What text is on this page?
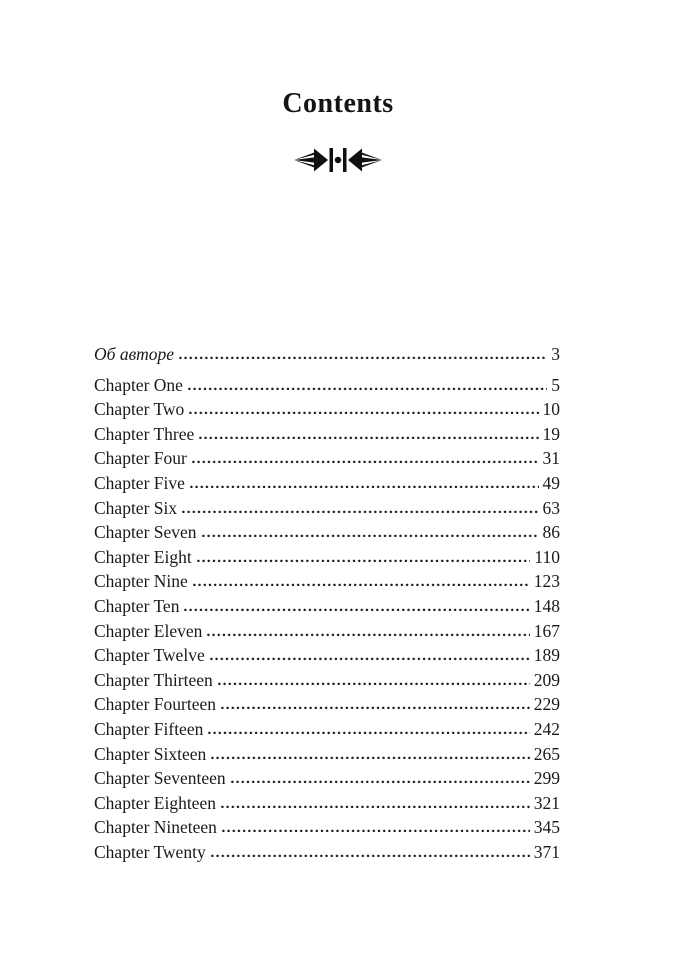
Contents
Об авторе	3
Chapter One	5
Chapter Two	10
Chapter Three	19
Chapter Four	31
Chapter Five	49
Chapter Six	63
Chapter Seven	86
Chapter Eight	110
Chapter Nine	123
Chapter Ten	148
Chapter Eleven	167
Chapter Twelve	189
Chapter Thirteen	209
Chapter Fourteen	229
Chapter Fifteen	242
Chapter Sixteen	265
Chapter Seventeen	299
Chapter Eighteen	321
Chapter Nineteen	345
Chapter Twenty	371
